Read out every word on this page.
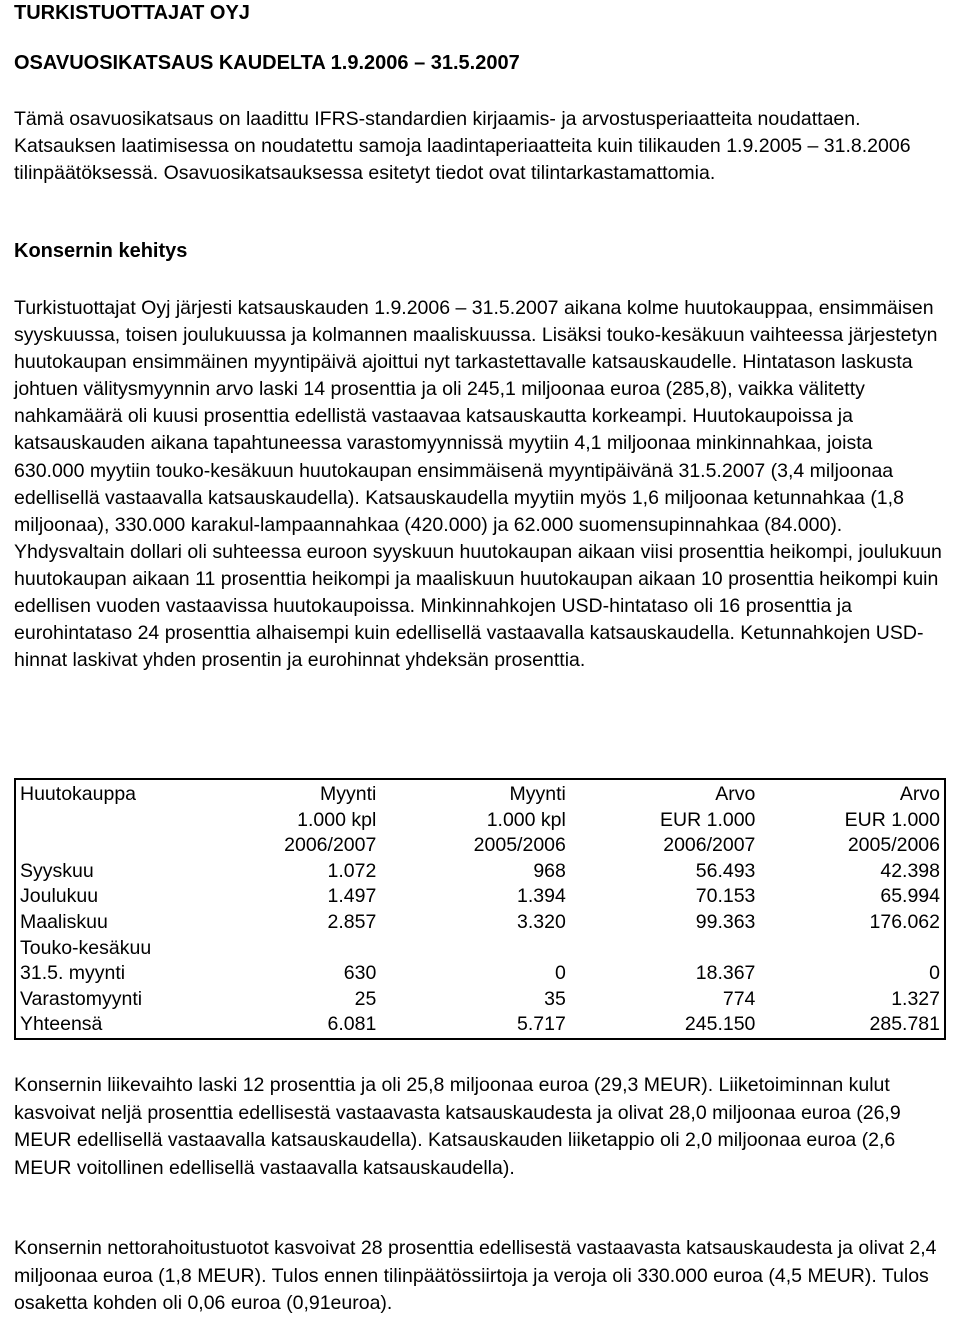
TURKISTUOTTAJAT OYJ
OSAVUOSIKATSAUS KAUDELTA 1.9.2006 – 31.5.2007

Tämä osavuosikatsaus on laadittu IFRS-standardien kirjaamis- ja arvostusperiaatteita noudattaen. Katsauksen laatimisessa on noudatettu samoja laadintaperiaatteita kuin tilikauden 1.9.2005 – 31.8.2006 tilinpäätöksessä. Osavuosikatsauksessa esitetyt tiedot ovat tilintarkastamattomia.

Konsernin kehitys

Turkistuottajat Oyj järjesti katsauskauden 1.9.2006 – 31.5.2007 aikana kolme huutokauppaa, ensimmäisen syyskuussa, toisen joulukuussa ja kolmannen maaliskuussa. Lisäksi touko-kesäkuun vaihteessa järjestetyn huutokaupan ensimmäinen myyntipäivä ajoittui nyt tarkastettavalle katsauskaudelle. Hintatason laskusta johtuen välitysmyynnin arvo laski 14 prosenttia ja oli 245,1 miljoonaa euroa (285,8), vaikka välitetty nahkamäärä oli kuusi prosenttia edellistä vastaavaa katsauskautta korkeampi. Huutokaupoissa ja katsauskauden aikana tapahtuneessa varastomyynnissä myytiin 4,1 miljoonaa minkinnahkaa, joista 630.000 myytiin touko-kesäkuun huutokaupan ensimmäisenä myyntipäivänä 31.5.2007 (3,4 miljoonaa edellisellä vastaavalla katsauskaudella). Katsauskaudella myytiin myös 1,6 miljoonaa ketunnahkaa (1,8 miljoonaa), 330.000 karakul-lampaannahkaa (420.000) ja 62.000 suomensupinnahkaa (84.000). Yhdysvaltain dollari oli suhteessa euroon syyskuun huutokaupan aikaan viisi prosenttia heikompi, joulukuun huutokaupan aikaan 11 prosenttia heikompi ja maaliskuun huutokaupan aikaan 10 prosenttia heikompi kuin edellisen vuoden vastaavissa huutokaupoissa. Minkinnahkojen USD-hintataso oli 16 prosenttia ja eurohintataso 24 prosenttia alhaisempi kuin edellisellä vastaavalla katsauskaudella. Ketunnahkojen USD-hinnat laskivat yhden prosentin ja eurohinnat yhdeksän prosenttia.

Huutokauppa	Myynti	Myynti	Arvo	Arvo
	1.000 kpl	1.000 kpl	EUR 1.000	EUR 1.000
	2006/2007	2005/2006	2006/2007	2005/2006
Syyskuu	1.072	968	56.493	42.398
Joulukuu	1.497	1.394	70.153	65.994
Maaliskuu	2.857	3.320	99.363	176.062
Touko-kesäkuu				
31.5. myynti	630	0	18.367	0
Varastomyynti	25	35	774	1.327
Yhteensä	6.081	5.717	245.150	285.781

Konsernin liikevaihto laski 12 prosenttia ja oli 25,8 miljoonaa euroa (29,3 MEUR). Liiketoiminnan kulut kasvoivat neljä prosenttia edellisestä vastaavasta katsauskaudesta ja olivat 28,0 miljoonaa euroa (26,9 MEUR edellisellä vastaavalla katsauskaudella). Katsauskauden liiketappio oli 2,0 miljoonaa euroa (2,6 MEUR voitollinen edellisellä vastaavalla katsauskaudella).

Konsernin nettorahoitustuotot kasvoivat 28 prosenttia edellisestä vastaavasta katsauskaudesta ja olivat 2,4 miljoonaa euroa (1,8 MEUR). Tulos ennen tilinpäätössiirtoja ja veroja oli 330.000 euroa (4,5 MEUR). Tulos osaketta kohden oli 0,06 euroa (0,91euroa).
